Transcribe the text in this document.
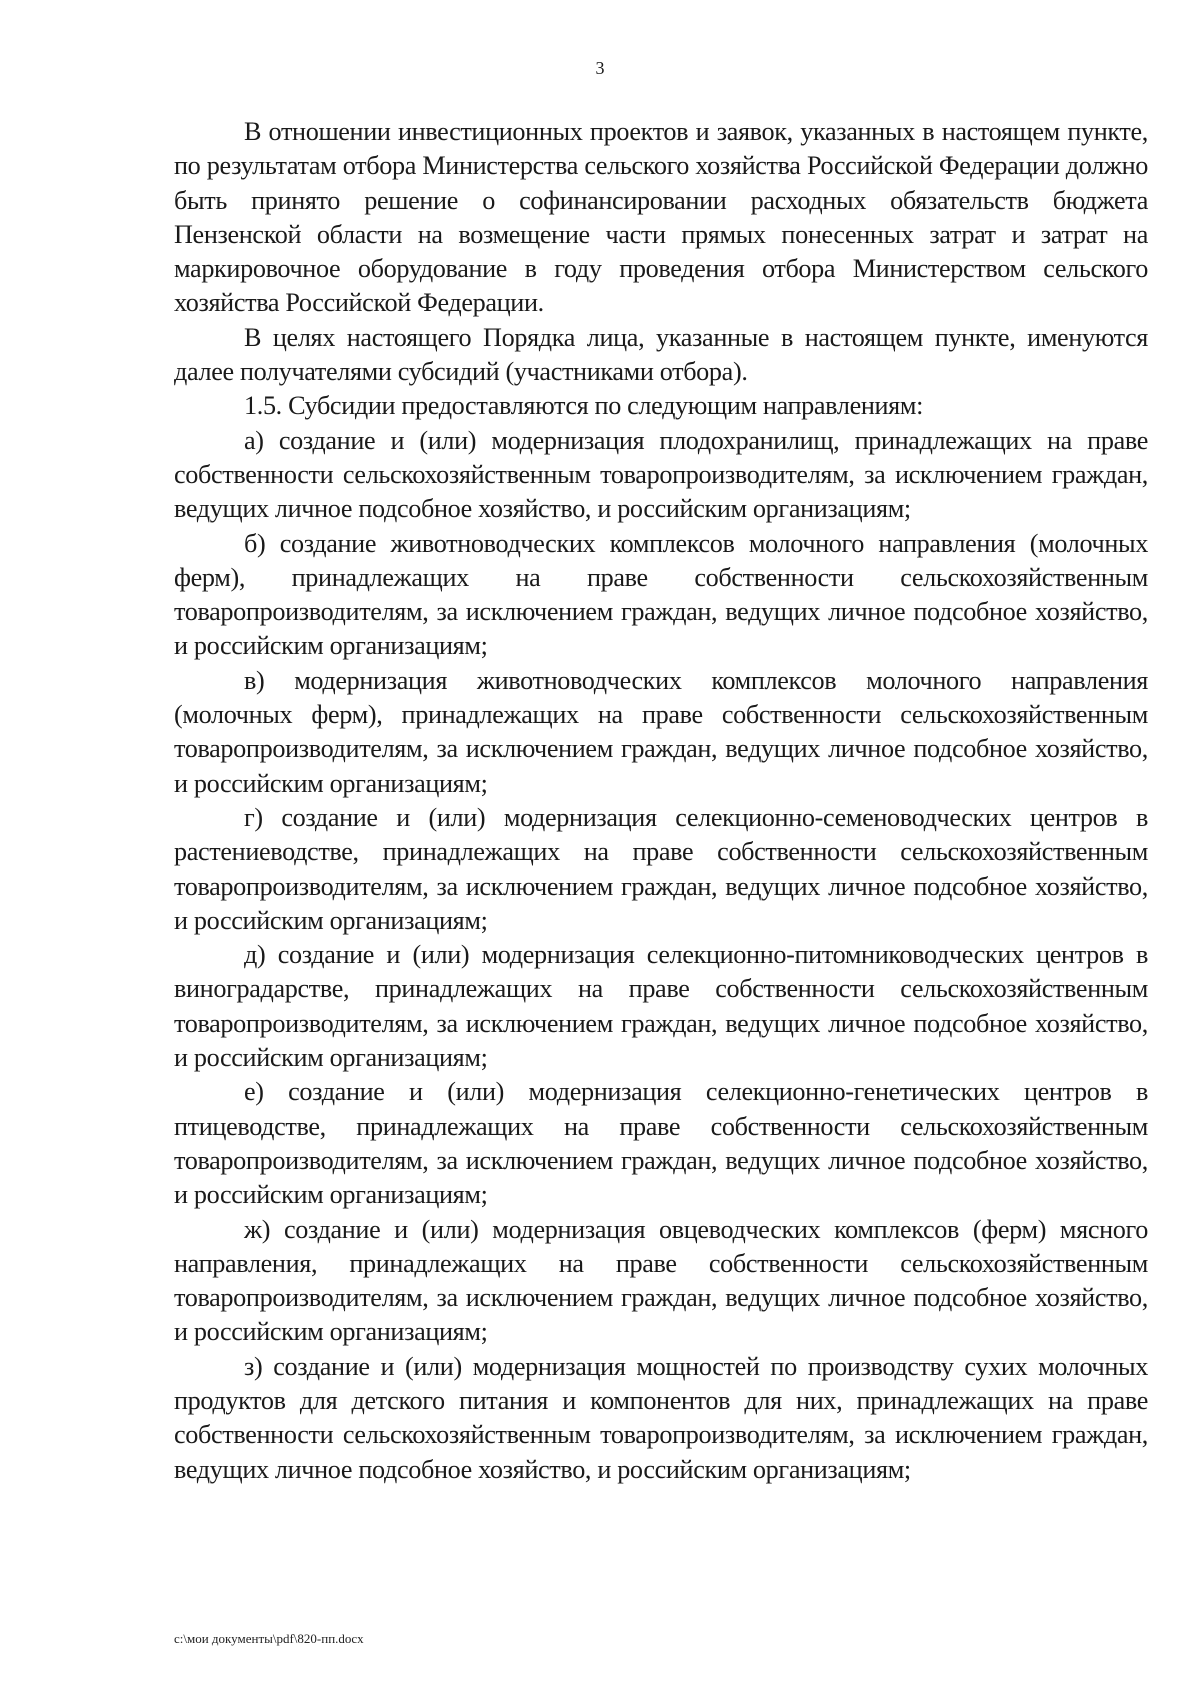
3

В отношении инвестиционных проектов и заявок, указанных в настоящем пункте, по результатам отбора Министерства сельского хозяйства Российской Федерации должно быть принято решение о софинансировании расходных обязательств бюджета Пензенской области на возмещение части прямых понесенных затрат и затрат на маркировочное оборудование в году проведения отбора Министерством сельского хозяйства Российской Федерации.

В целях настоящего Порядка лица, указанные в настоящем пункте, именуются далее получателями субсидий (участниками отбора).

1.5. Субсидии предоставляются по следующим направлениям:

а) создание и (или) модернизация плодохранилищ, принадлежащих на праве собственности сельскохозяйственным товаропроизводителям, за исключением граждан, ведущих личное подсобное хозяйство, и российским организациям;

б) создание животноводческих комплексов молочного направления (молочных ферм), принадлежащих на праве собственности сельскохозяйственным товаропроизводителям, за исключением граждан, ведущих личное подсобное хозяйство, и российским организациям;

в) модернизация животноводческих комплексов молочного направления (молочных ферм), принадлежащих на праве собственности сельскохозяйственным товаропроизводителям, за исключением граждан, ведущих личное подсобное хозяйство, и российским организациям;

г) создание и (или) модернизация селекционно-семеноводческих центров в растениеводстве, принадлежащих на праве собственности сельскохозяйственным товаропроизводителям, за исключением граждан, ведущих личное подсобное хозяйство, и российским организациям;

д) создание и (или) модернизация селекционно-питомниководческих центров в виноградарстве, принадлежащих на праве собственности сельскохозяйственным товаропроизводителям, за исключением граждан, ведущих личное подсобное хозяйство, и российским организациям;

е) создание и (или) модернизация селекционно-генетических центров в птицеводстве, принадлежащих на праве собственности сельскохозяйственным товаропроизводителям, за исключением граждан, ведущих личное подсобное хозяйство, и российским организациям;

ж) создание и (или) модернизация овцеводческих комплексов (ферм) мясного направления, принадлежащих на праве собственности сельскохозяйственным товаропроизводителям, за исключением граждан, ведущих личное подсобное хозяйство, и российским организациям;

з) создание и (или) модернизация мощностей по производству сухих молочных продуктов для детского питания и компонентов для них, принадлежащих на праве собственности сельскохозяйственным товаропроизводителям, за исключением граждан, ведущих личное подсобное хозяйство, и российским организациям;

c:\мои документы\pdf\820-пп.docx
